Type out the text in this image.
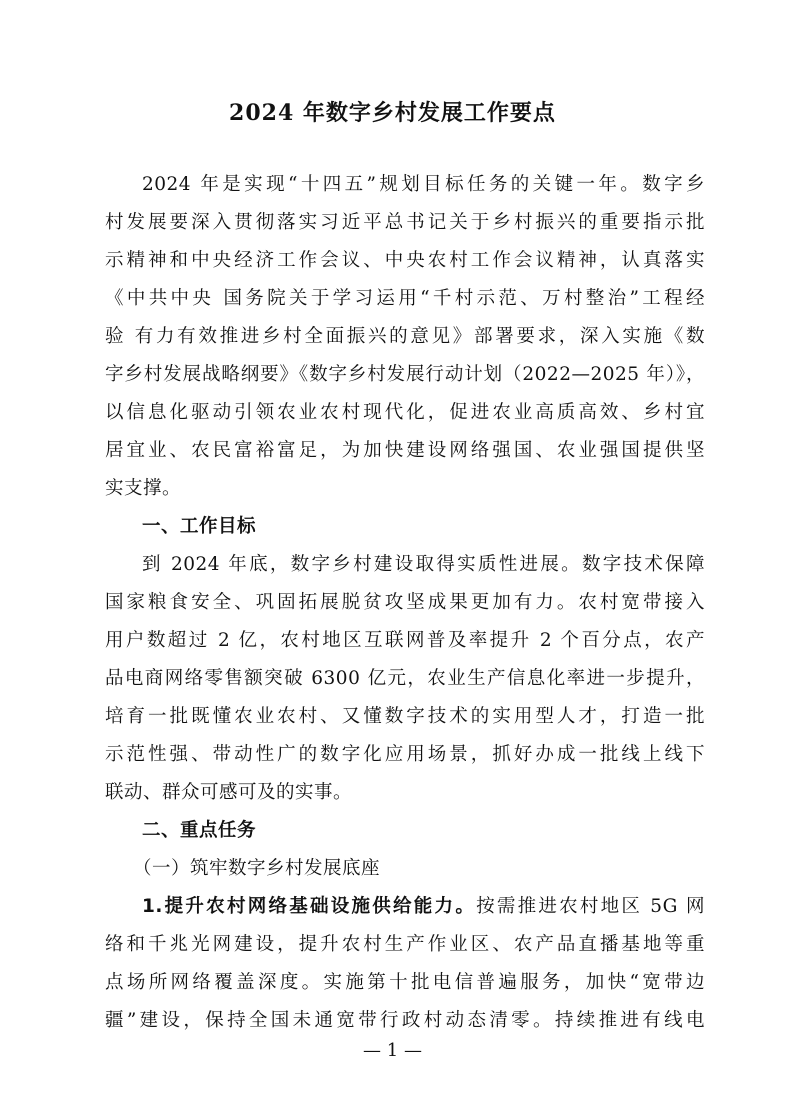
2024 年数字乡村发展工作要点
2024 年是实现“十四五”规划目标任务的关键一年。数字乡
村发展要深入贯彻落实习近平总书记关于乡村振兴的重要指示批
示精神和中央经济工作会议、中央农村工作会议精神，认真落实
《中共中央 国务院关于学习运用“千村示范、万村整治”工程经
验 有力有效推进乡村全面振兴的意见》部署要求，深入实施《数
字乡村发展战略纲要》《数字乡村发展行动计划（2022—2025 年）》，
以信息化驱动引领农业农村现代化，促进农业高质高效、乡村宜
居宜业、农民富裕富足，为加快建设网络强国、农业强国提供坚
实支撑。
一、工作目标
到 2024 年底，数字乡村建设取得实质性进展。数字技术保障
国家粮食安全、巩固拓展脱贫攻坚成果更加有力。农村宽带接入
用户数超过 2 亿，农村地区互联网普及率提升 2 个百分点，农产
品电商网络零售额突破 6300 亿元，农业生产信息化率进一步提升，
培育一批既懂农业农村、又懂数字技术的实用型人才，打造一批
示范性强、带动性广的数字化应用场景，抓好办成一批线上线下
联动、群众可感可及的实事。
二、重点任务
（一）筑牢数字乡村发展底座
1.提升农村网络基础设施供给能力。按需推进农村地区 5G 网
络和千兆光网建设，提升农村生产作业区、农产品直播基地等重
点场所网络覆盖深度。实施第十批电信普遍服务，加快“宽带边
疆”建设，保持全国未通宽带行政村动态清零。持续推进有线电
— 1 —
